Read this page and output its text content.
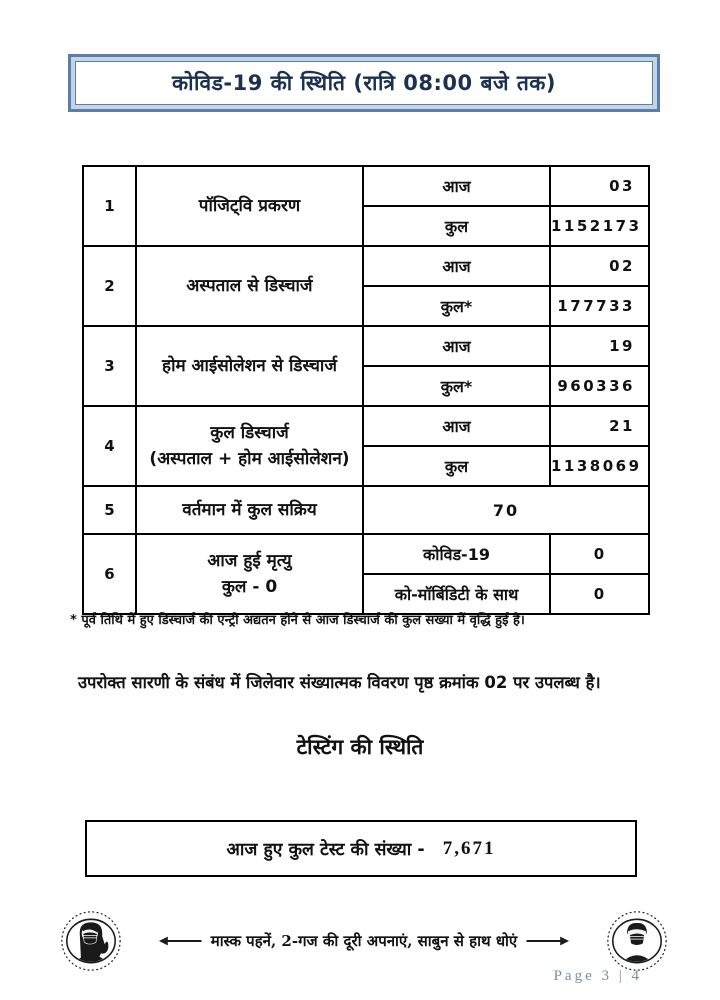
कोविड-19 की स्थिति (रात्रि 08:00 बजे तक)
1	पॉजिट्वि प्रकरण	आज	03
		कुल	1152173
2	अस्पताल से डिस्चार्ज	आज	02
		कुल*	177733
3	होम आईसोलेशन से डिस्चार्ज	आज	19
		कुल*	960336
4	कुल डिस्चार्ज
(अस्पताल + होम आईसोलेशन)	आज	21
		कुल	1138069
5	वर्तमान में कुल सक्रिय	70	
6	आज हुई मृत्यु
कुल - 0	कोविड-19	0
		को-मॉर्बिडिटी के साथ	0
* पूर्व तिथि में हुए डिस्चार्ज की एन्ट्री अद्यतन होने से आज डिस्चार्ज की कुल संख्या में वृद्धि हुई है।
उपरोक्त सारणी के संबंध में जिलेवार संख्यात्मक विवरण पृष्ठ क्रमांक 02 पर उपलब्ध है।
टेस्टिंग की स्थिति
आज हुए कुल टेस्ट की संख्या - 7,671
मास्क पहनें, 2-गज की दूरी अपनाएं, साबुन से हाथ धोएं
Page 3 | 4
